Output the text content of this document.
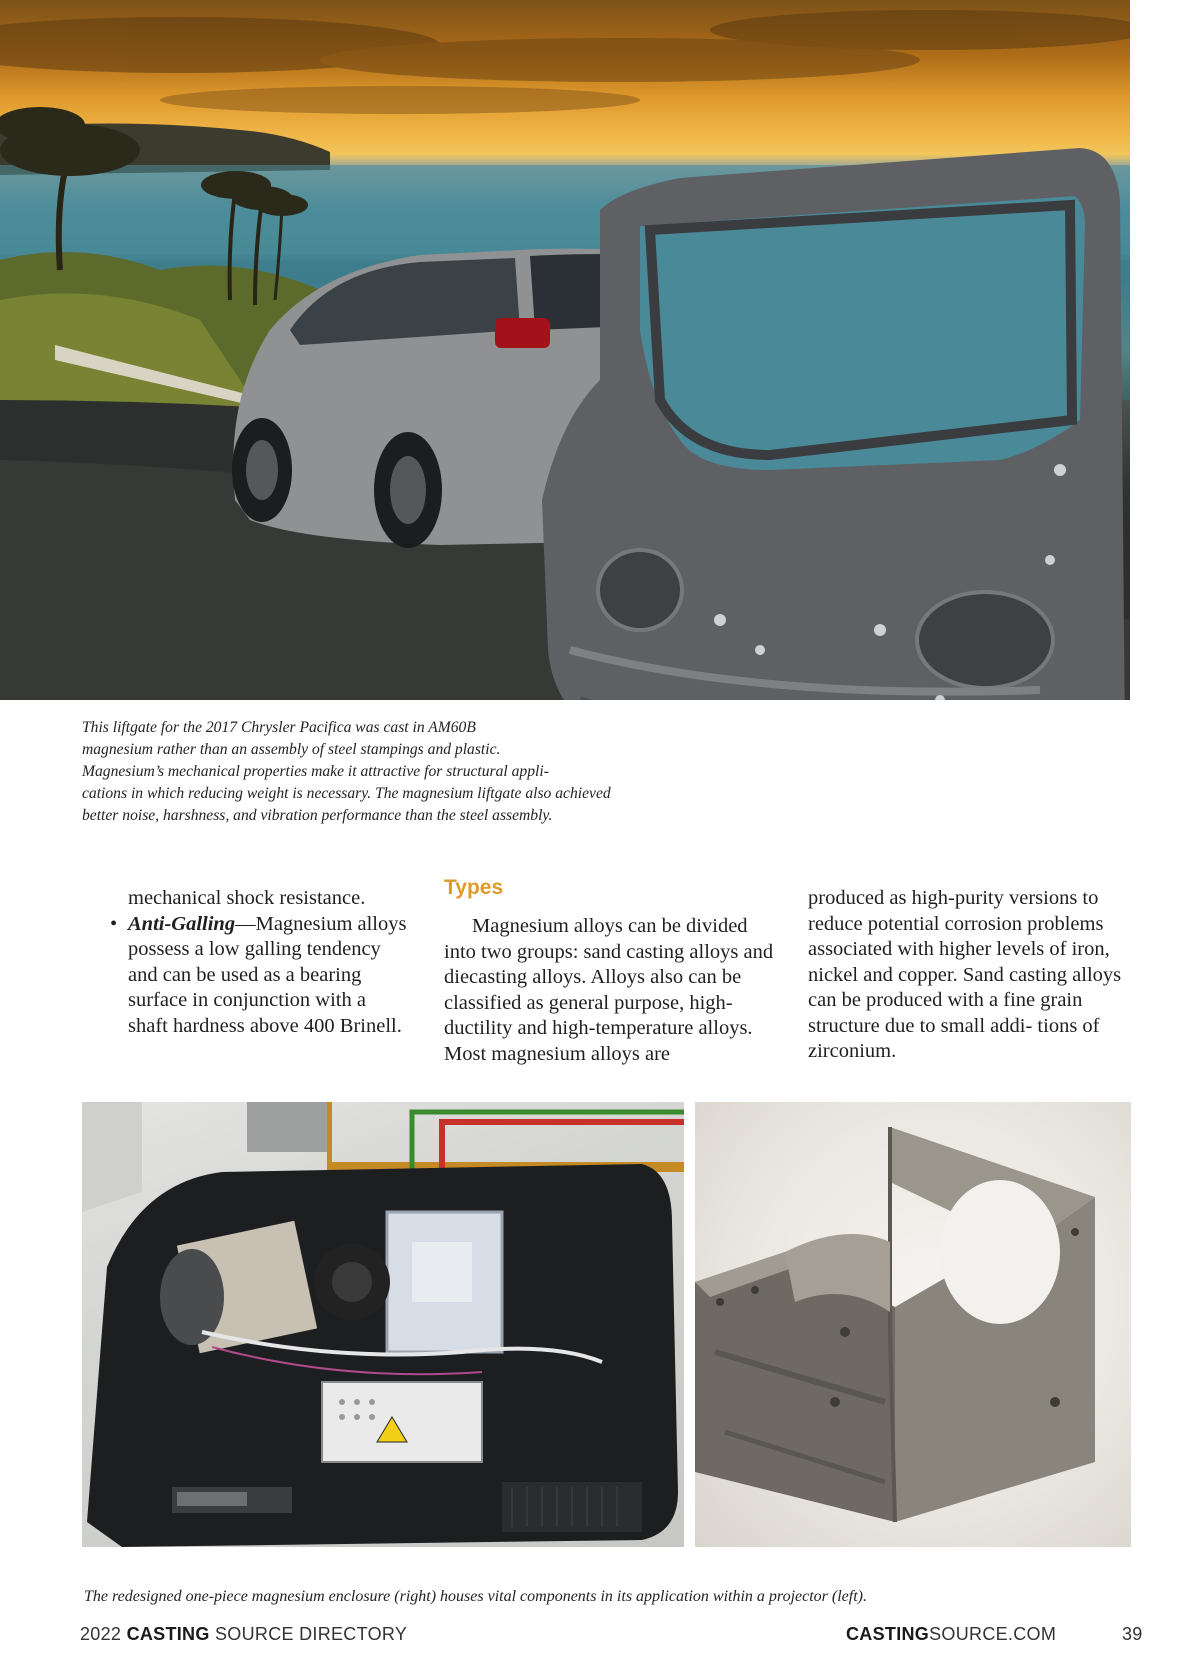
This liftgate for the 2017 Chrysler Pacifica was cast in AM60B
magnesium rather than an assembly of steel stampings and plastic.
Magnesium’s mechanical properties make it attractive for structural appli-
cations in which reducing weight is necessary. The magnesium liftgate also achieved
better noise, harshness, and vibration performance than the steel assembly.

mechanical shock resistance.

• Anti-Galling—Magnesium alloys possess a low galling tendency and can be used as a bearing surface in conjunction with a shaft hardness above 400 Brinell.

Types

Magnesium alloys can be divided into two groups: sand casting alloys and diecasting alloys. Alloys also can be classified as general purpose, high-ductility and high-temperature alloys. Most magnesium alloys are

produced as high-purity versions to reduce potential corrosion problems associated with higher levels of iron, nickel and copper. Sand casting alloys can be produced with a fine grain structure due to small addi- tions of zirconium.

The redesigned one-piece magnesium enclosure (right) houses vital components in its application within a projector (left).
2022 CASTING SOURCE DIRECTORY	CASTINGSOURCE.COM	39
